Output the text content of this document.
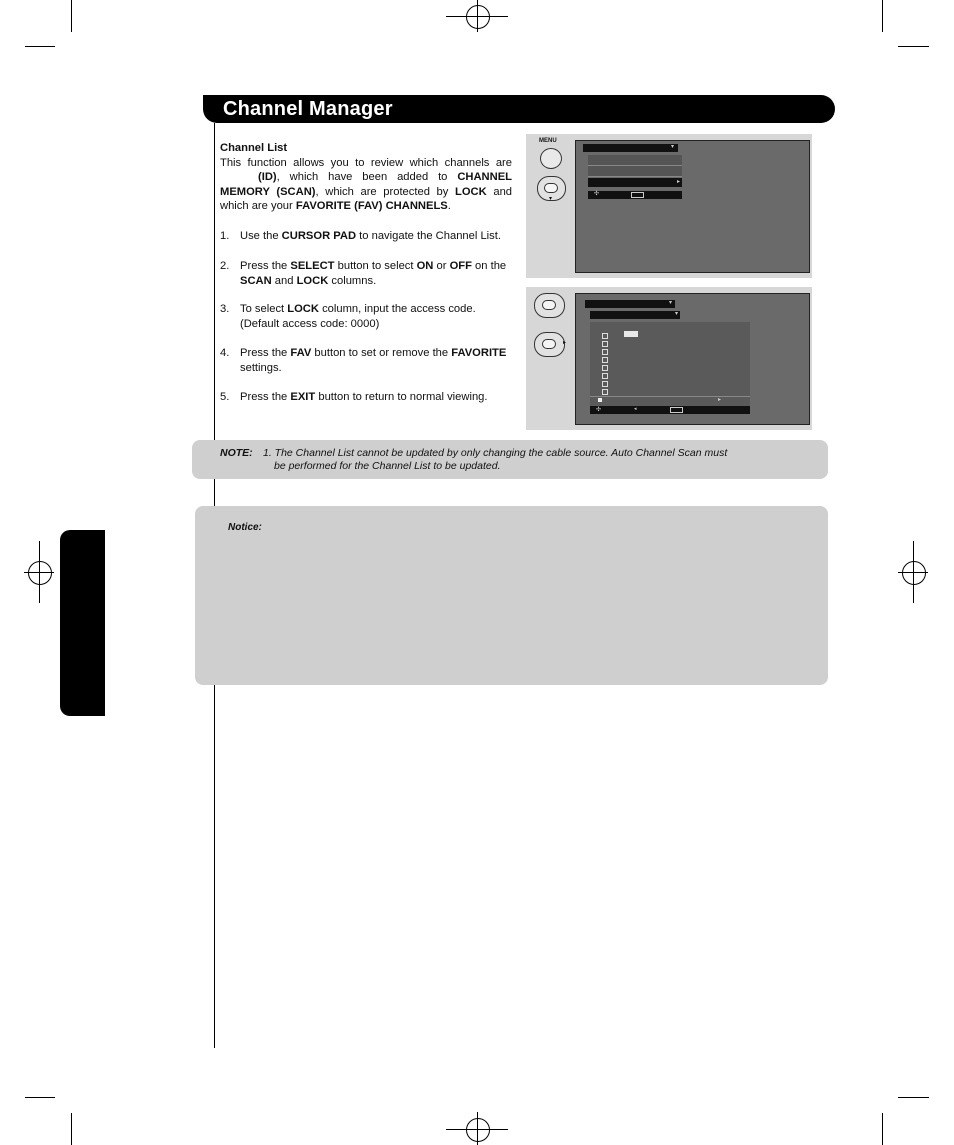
Channel Manager
Channel List
This function allows you to review which channels are (ID), which have been added to CHANNEL MEMORY (SCAN), which are protected by LOCK and which are your FAVORITE (FAV) CHANNELS.
1. Use the CURSOR PAD to navigate the Channel List.
2. Press the SELECT button to select ON or OFF on the
SCAN and LOCK columns.
3. To select LOCK column, input the access code.
(Default access code: 0000)
4. Press the FAV button to set or remove the FAVORITE
settings.
5. Press the EXIT button to return to normal viewing.
MENU
▾
▾
▸
✣
▸
▾
▾
▸
✣	◂
NOTE: 1. The Channel List cannot be updated by only changing the cable source. Auto Channel Scan must
be performed for the Channel List to be updated.
Notice:
